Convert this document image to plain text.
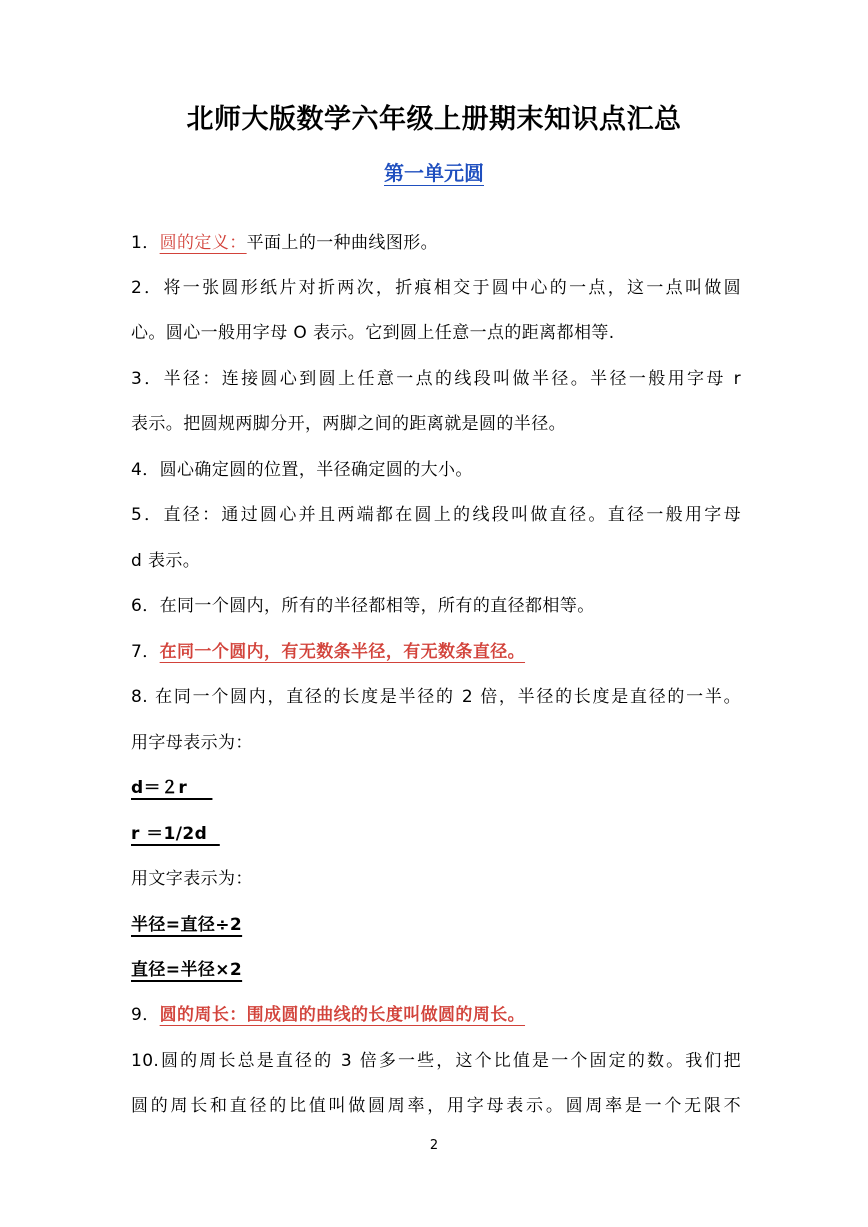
北师大版数学六年级上册期末知识点汇总
第一单元圆
1．圆的定义：平面上的一种曲线图形。
2．将一张圆形纸片对折两次，折痕相交于圆中心的一点，这一点叫做圆
心。圆心一般用字母 O 表示。它到圆上任意一点的距离都相等.
3．半径：连接圆心到圆上任意一点的线段叫做半径。半径一般用字母 r
表示。把圆规两脚分开，两脚之间的距离就是圆的半径。
4．圆心确定圆的位置，半径确定圆的大小。
5．直径：通过圆心并且两端都在圆上的线段叫做直径。直径一般用字母
d 表示。
6．在同一个圆内，所有的半径都相等，所有的直径都相等。
7．在同一个圆内，有无数条半径，有无数条直径。
8. 在同一个圆内，直径的长度是半径的 2 倍，半径的长度是直径的一半。
用字母表示为：
d＝２r
r ＝1/2d
用文字表示为：
半径=直径÷2
直径=半径×2
9．圆的周长：围成圆的曲线的长度叫做圆的周长。
10.圆的周长总是直径的 3 倍多一些，这个比值是一个固定的数。我们把
圆的周长和直径的比值叫做圆周率，用字母表示。圆周率是一个无限不
2
